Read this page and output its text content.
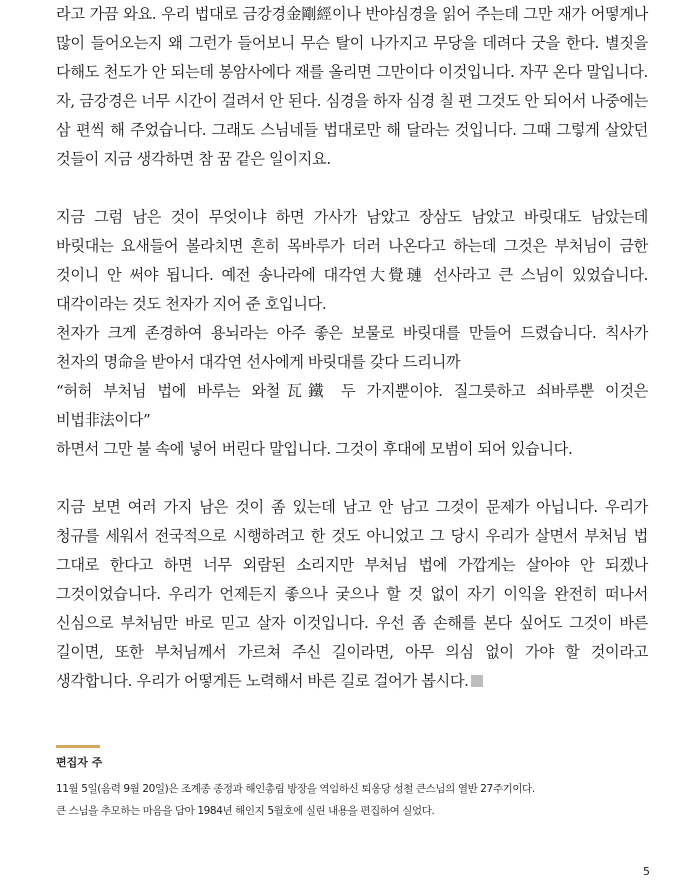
라고 가끔 와요. 우리 법대로 금강경金剛經이나 반야심경을 읽어 주는데 그만 재가 어떻게나 많이 들어오는지 왜 그런가 들어보니 무슨 탈이 나가지고 무당을 데려다 굿을 한다. 별짓을 다해도 천도가 안 되는데 봉암사에다 재를 올리면 그만이다 이것입니다. 자꾸 온다 말입니다. 자, 금강경은 너무 시간이 걸려서 안 된다. 심경을 하자 심경 칠 편 그것도 안 되어서 나중에는 삼 편씩 해 주었습니다. 그래도 스님네들 법대로만 해 달라는 것입니다. 그때 그렇게 살았던 것들이 지금 생각하면 참 꿈 같은 일이지요.

지금 그럼 남은 것이 무엇이냐 하면 가사가 남았고 장삼도 남았고 바릿대도 남았는데 바릿대는 요새들어 볼라치면 흔히 목바루가 더러 나온다고 하는데 그것은 부처님이 금한 것이니 안 써야 됩니다. 예전 송나라에 대각연大覺璉 선사라고 큰 스님이 있었습니다. 대각이라는 것도 천자가 지어 준 호입니다.

천자가 크게 존경하여 용뇌라는 아주 좋은 보물로 바릿대를 만들어 드렸습니다. 칙사가 천자의 명命을 받아서 대각연 선사에게 바릿대를 갖다 드리니까

“허허 부처님 법에 바루는 와철瓦鐵 두 가지뿐이야. 질그릇하고 쇠바루뿐 이것은 비법非法이다”

하면서 그만 불 속에 넣어 버린다 말입니다. 그것이 후대에 모범이 되어 있습니다.

지금 보면 여러 가지 남은 것이 좀 있는데 남고 안 남고 그것이 문제가 아닙니다. 우리가 청규를 세워서 전국적으로 시행하려고 한 것도 아니었고 그 당시 우리가 살면서 부처님 법 그대로 한다고 하면 너무 외람된 소리지만 부처님 법에 가깝게는 살아야 안 되겠나 그것이었습니다. 우리가 언제든지 좋으나 궂으나 할 것 없이 자기 이익을 완전히 떠나서 신심으로 부처님만 바로 믿고 살자 이것입니다. 우선 좀 손해를 본다 싶어도 그것이 바른 길이면, 또한 부처님께서 가르쳐 주신 길이라면, 아무 의심 없이 가야 할 것이라고 생각합니다. 우리가 어떻게든 노력해서 바른 길로 걸어가 봅시다.

편집자 주

11월 5일(음력 9월 20일)은 조계종 종정과 해인총림 방장을 역임하신 퇴옹당 성철 큰스님의 열반 27주기이다.

큰 스님을 추모하는 마음을 담아 1984년 해인지 5월호에 실린 내용을 편집하여 실었다.

5
